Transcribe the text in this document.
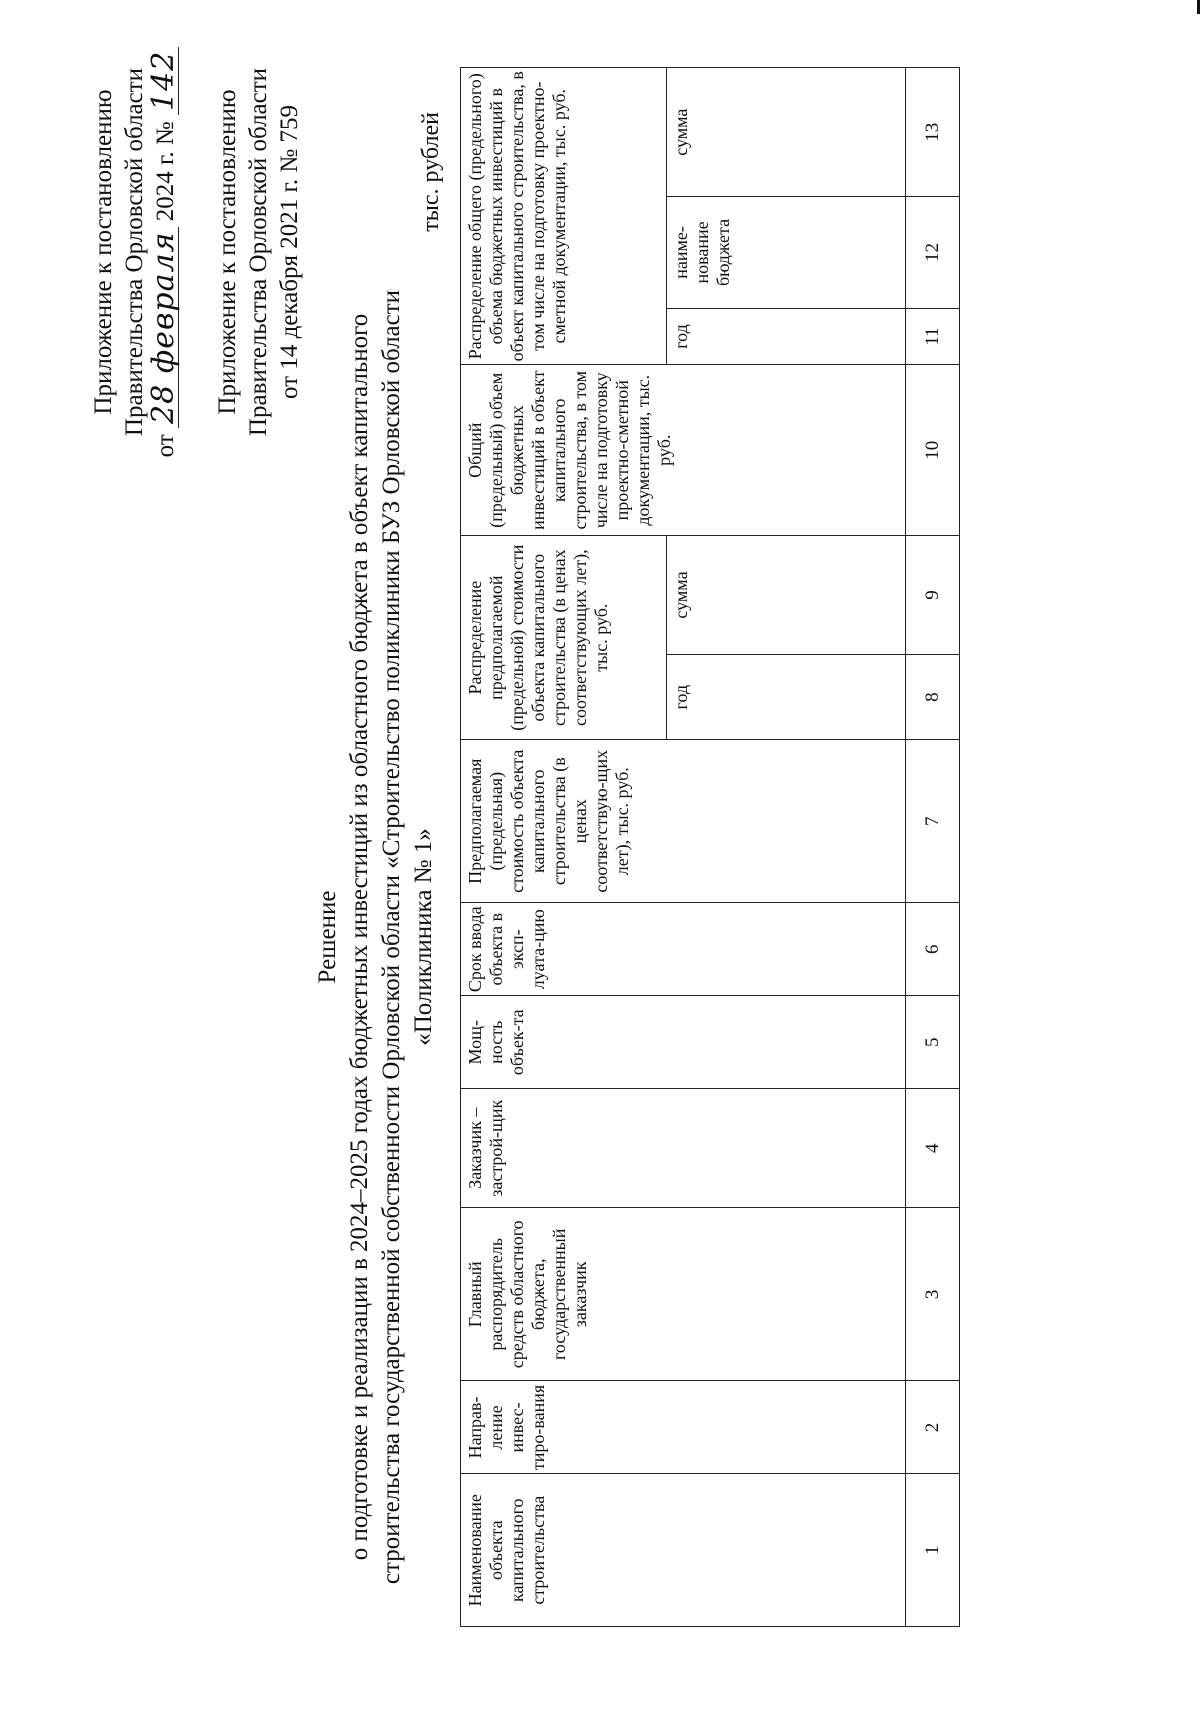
Приложение к постановлению Правительства Орловской области
от 28 февраля 2024 г. № 142
Приложение к постановлению Правительства Орловской области от 14 декабря 2021 г. № 759
Решение о подготовке и реализации в 2024–2025 годах бюджетных инвестиций из областного бюджета в объект капитального строительства государственной собственности Орловской области «Строительство поликлиники БУЗ Орловской области «Поликлиника № 1»
тыс. рублей
Наименование объекта капитального строительства	Направ-ление инвес-тиро-вания	Главный распорядитель средств областного бюджета, государственный заказчик	Заказчик – застрой-щик	Мощ-ность объек-та	Срок ввода объекта в эксп-луата-цию	Предполагаемая (предельная) стоимость объекта капитального строительства (в ценах соответствую-щих лет), тыс. руб.	Распределение предполагаемой (предельной) стоимости объекта капитального строительства (в ценах соответствующих лет), тыс. руб.		Общий (предельный) объем бюджетных инвестиций в объект капитального строительства, в том числе на подготовку проектно-сметной документации, тыс. руб.	Распределение общего (предельного) объема бюджетных инвестиций в объект капитального строительства, в том числе на подготовку проектно-сметной документации, тыс. руб.		
							год	сумма		год	наиме-нование бюджета	сумма
1	2	3	4	5	6	7	8	9	10	11	12	13
